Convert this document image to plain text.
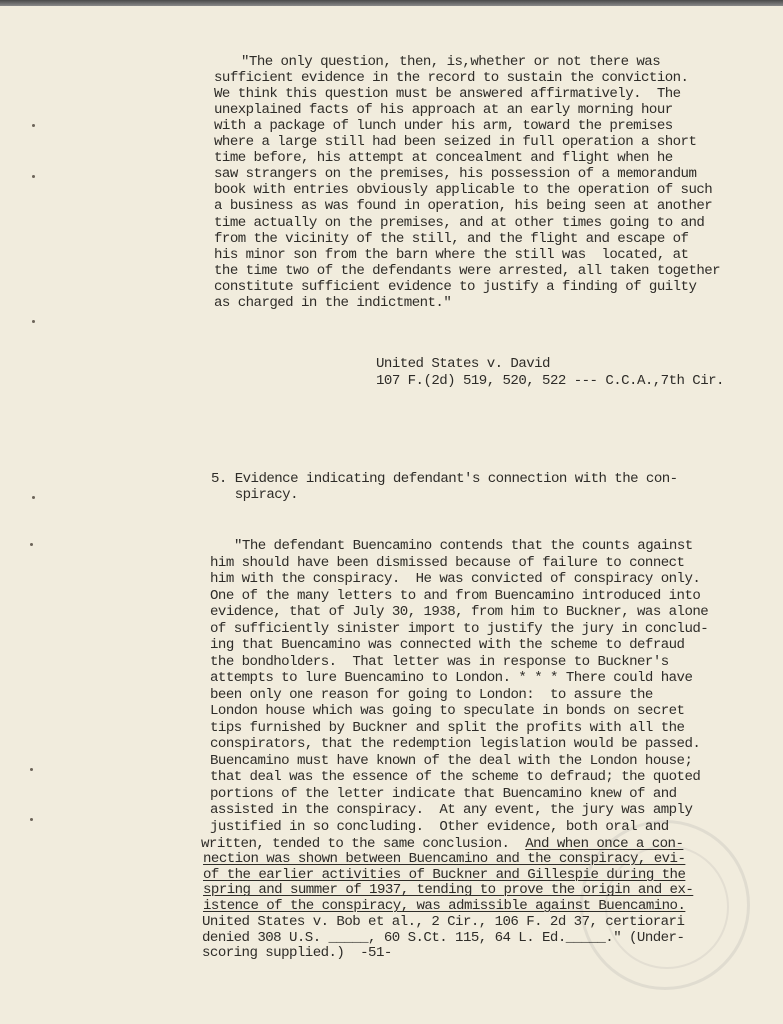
"The only question, then, is,whether or not there was
sufficient evidence in the record to sustain the conviction.
We think this question must be answered affirmatively.  The
unexplained facts of his approach at an early morning hour
with a package of lunch under his arm, toward the premises
where a large still had been seized in full operation a short
time before, his attempt at concealment and flight when he
saw strangers on the premises, his possession of a memorandum
book with entries obviously applicable to the operation of such
a business as was found in operation, his being seen at another
time actually on the premises, and at other times going to and
from the vicinity of the still, and the flight and escape of
his minor son from the barn where the still was  located, at
the time two of the defendants were arrested, all taken together
constitute sufficient evidence to justify a finding of guilty
as charged in the indictment."
United States v. David
107 F.(2d) 519, 520, 522 --- C.C.A.,7th Cir.
5. Evidence indicating defendant's connection with the con-
spiracy.
"The defendant Buencamino contends that the counts against
him should have been dismissed because of failure to connect
him with the conspiracy.  He was convicted of conspiracy only.
One of the many letters to and from Buencamino introduced into
evidence, that of July 30, 1938, from him to Buckner, was alone
of sufficiently sinister import to justify the jury in conclud-
ing that Buencamino was connected with the scheme to defraud
the bondholders.  That letter was in response to Buckner's
attempts to lure Buencamino to London. * * * There could have
been only one reason for going to London:  to assure the
London house which was going to speculate in bonds on secret
tips furnished by Buckner and split the profits with all the
conspirators, that the redemption legislation would be passed.
Buencamino must have known of the deal with the London house;
that deal was the essence of the scheme to defraud; the quoted
portions of the letter indicate that Buencamino knew of and
assisted in the conspiracy.  At any event, the jury was amply
justified in so concluding.  Other evidence, both oral and
written, tended to the same conclusion.  And when once a con-
nection was shown between Buencamino and the conspiracy, evi-
of the earlier activities of Buckner and Gillespie during the
spring and summer of 1937, tending to prove the origin and ex-
istence of the conspiracy, was admissible against Buencamino.
United States v. Bob et al., 2 Cir., 106 F. 2d 37, certiorari
denied 308 U.S. _____, 60 S.Ct. 115, 64 L. Ed._____." (Under-
scoring supplied.)  -51-
